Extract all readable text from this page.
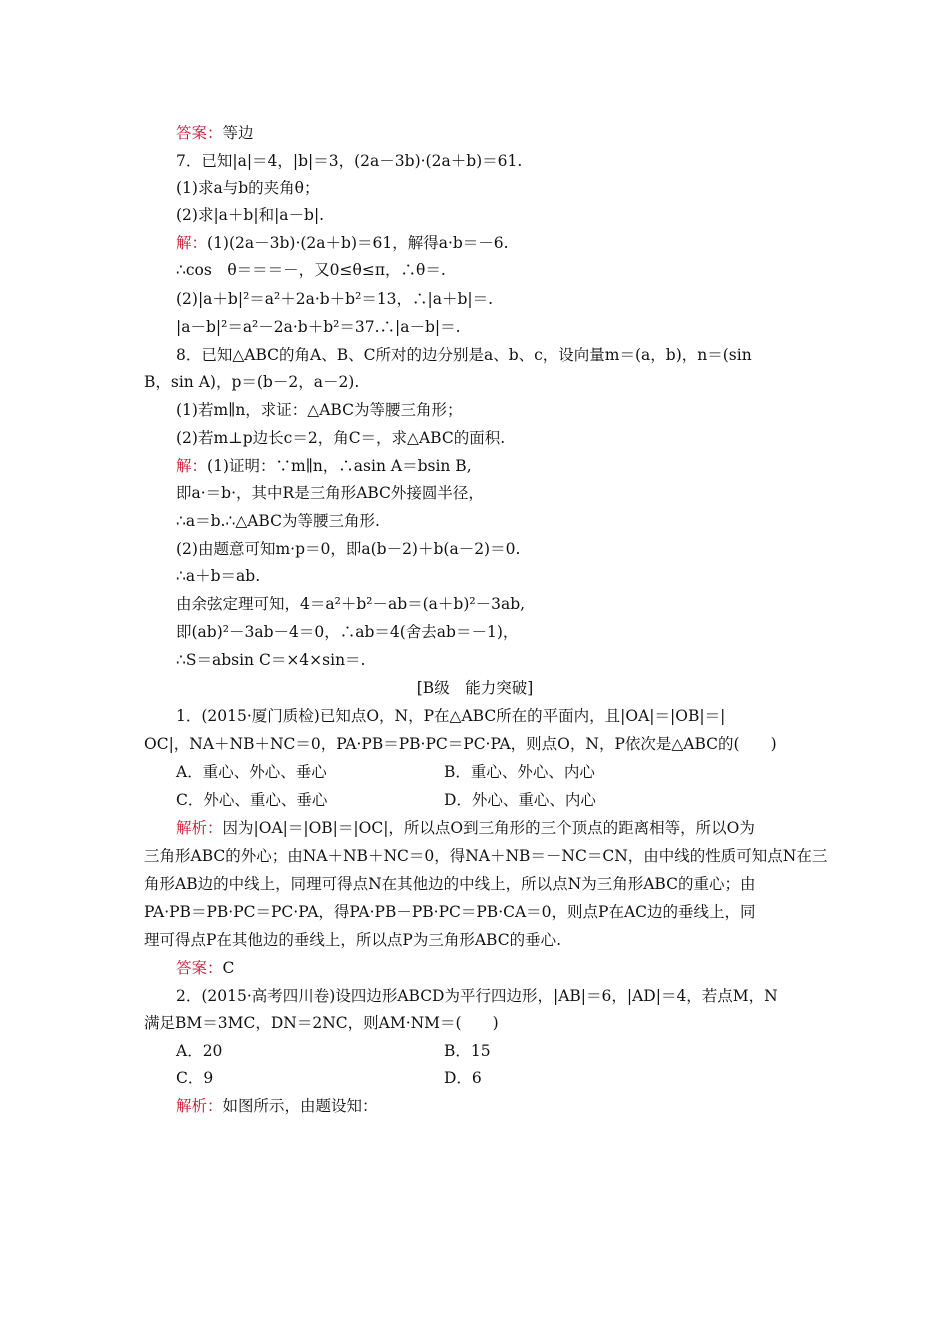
答案：等边
7．已知|a|＝4，|b|＝3，(2a－3b)·(2a＋b)＝61.
(1)求a与b的夹角θ；
(2)求|a＋b|和|a－b|.
解：(1)(2a－3b)·(2a＋b)＝61，解得a·b＝－6.
∴cos　θ＝＝＝－，又0≤θ≤π，∴θ＝.
(2)|a＋b|²＝a²＋2a·b＋b²＝13，∴|a＋b|＝.
|a－b|²＝a²－2a·b＋b²＝37.∴|a－b|＝.
8．已知△ABC的角A、B、C所对的边分别是a、b、c，设向量m＝(a，b)，n＝(sin
B，sin A)，p＝(b－2，a－2).
(1)若m∥n，求证：△ABC为等腰三角形；
(2)若m⊥p边长c＝2，角C＝，求△ABC的面积.
解：(1)证明：∵m∥n，∴asin A＝bsin B,
即a·＝b·，其中R是三角形ABC外接圆半径，
∴a＝b.∴△ABC为等腰三角形.
(2)由题意可知m·p＝0，即a(b－2)＋b(a－2)＝0.
∴a＋b＝ab.
由余弦定理可知，4＝a²＋b²－ab＝(a＋b)²－3ab,
即(ab)²－3ab－4＝0，∴ab＝4(舍去ab＝－1)，
∴S＝absin C＝×4×sin＝.
[B级　能力突破]
1．(2015·厦门质检)已知点O，N，P在△ABC所在的平面内，且|OA|＝|OB|＝|
OC|，NA＋NB＋NC＝0，PA·PB＝PB·PC＝PC·PA，则点O，N，P依次是△ABC的(　　)
A．重心、外心、垂心	B．重心、外心、内心
C．外心、重心、垂心	D．外心、重心、内心
解析：因为|OA|＝|OB|＝|OC|，所以点O到三角形的三个顶点的距离相等，所以O为
三角形ABC的外心；由NA＋NB＋NC＝0，得NA＋NB＝－NC＝CN，由中线的性质可知点N在三
角形AB边的中线上，同理可得点N在其他边的中线上，所以点N为三角形ABC的重心；由
PA·PB＝PB·PC＝PC·PA，得PA·PB－PB·PC＝PB·CA＝0，则点P在AC边的垂线上，同
理可得点P在其他边的垂线上，所以点P为三角形ABC的垂心.
答案：C
2．(2015·高考四川卷)设四边形ABCD为平行四边形，|AB|＝6，|AD|＝4，若点M，N
满足BM＝3MC，DN＝2NC，则AM·NM＝(　　)
A．20	B．15
C．9	D．6
解析：如图所示，由题设知：
